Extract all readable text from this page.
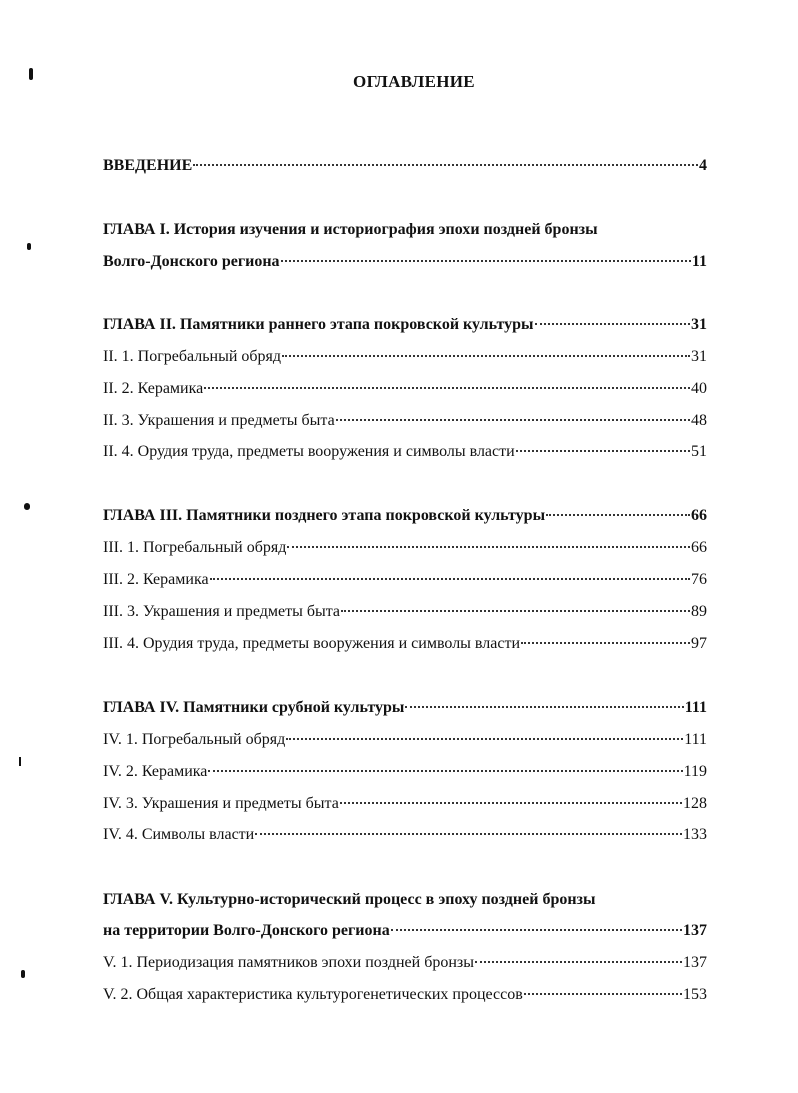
ОГЛАВЛЕНИЕ
ВВЕДЕНИЕ	4
ГЛАВА I. История изучения и историография эпохи поздней бронзы
Волго-Донского региона	11
ГЛАВА II. Памятники раннего этапа покровской культуры	31
II. 1. Погребальный обряд	31
II. 2. Керамика	40
II. 3. Украшения и предметы быта	48
II. 4. Орудия труда, предметы вооружения и символы власти	51
ГЛАВА III. Памятники позднего этапа покровской культуры	66
III. 1. Погребальный обряд	66
III. 2. Керамика	76
III. 3. Украшения и предметы быта	89
III. 4. Орудия труда, предметы вооружения и символы власти	97
ГЛАВА IV. Памятники срубной культуры	111
IV. 1. Погребальный обряд	111
IV. 2. Керамика	119
IV. 3. Украшения и предметы быта	128
IV. 4. Символы власти	133
ГЛАВА V. Культурно-исторический процесс в эпоху поздней бронзы
на территории Волго-Донского региона	137
V. 1. Периодизация памятников эпохи поздней бронзы	137
V. 2. Общая характеристика культурогенетических процессов	153
